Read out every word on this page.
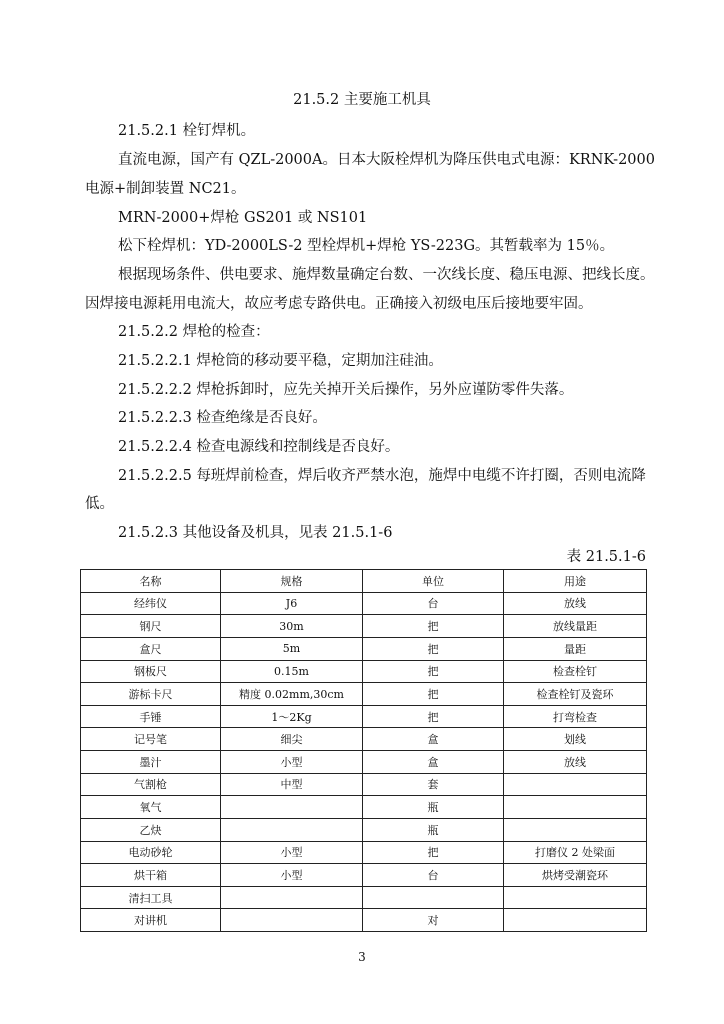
21.5.2 主要施工机具
21.5.2.1 栓钉焊机。
直流电源，国产有 QZL-2000A。日本大阪栓焊机为降压供电式电源：KRNK-2000
电源+制卸装置 NC21。
MRN-2000+焊枪 GS201 或 NS101
松下栓焊机：YD-2000LS-2 型栓焊机+焊枪 YS-223G。其暂载率为 15％。
根据现场条件、供电要求、施焊数量确定台数、一次线长度、稳压电源、把线长度。
因焊接电源耗用电流大，故应考虑专路供电。正确接入初级电压后接地要牢固。
21.5.2.2 焊枪的检查：
21.5.2.2.1 焊枪筒的移动要平稳，定期加注硅油。
21.5.2.2.2 焊枪拆卸时，应先关掉开关后操作，另外应谨防零件失落。
21.5.2.2.3 检查绝缘是否良好。
21.5.2.2.4 检查电源线和控制线是否良好。
21.5.2.2.5 每班焊前检查，焊后收齐严禁水泡，施焊中电缆不许打圈，否则电流降
低。
21.5.2.3 其他设备及机具，见表 21.5.1-6
表 21.5.1-6
名称	规格	单位	用途
经纬仪	J6	台	放线
钢尺	30m	把	放线量距
盒尺	5m	把	量距
钢板尺	0.15m	把	检查栓钉
游标卡尺	精度 0.02mm,30cm	把	检查栓钉及瓷环
手锤	1～2Kg	把	打弯检查
记号笔	细尖	盒	划线
墨汁	小型	盒	放线
气割枪	中型	套	
氧气		瓶	
乙炔		瓶	
电动砂轮	小型	把	打磨仪 2 处梁面
烘干箱	小型	台	烘烤受潮瓷环
清扫工具			
对讲机		对	
3
